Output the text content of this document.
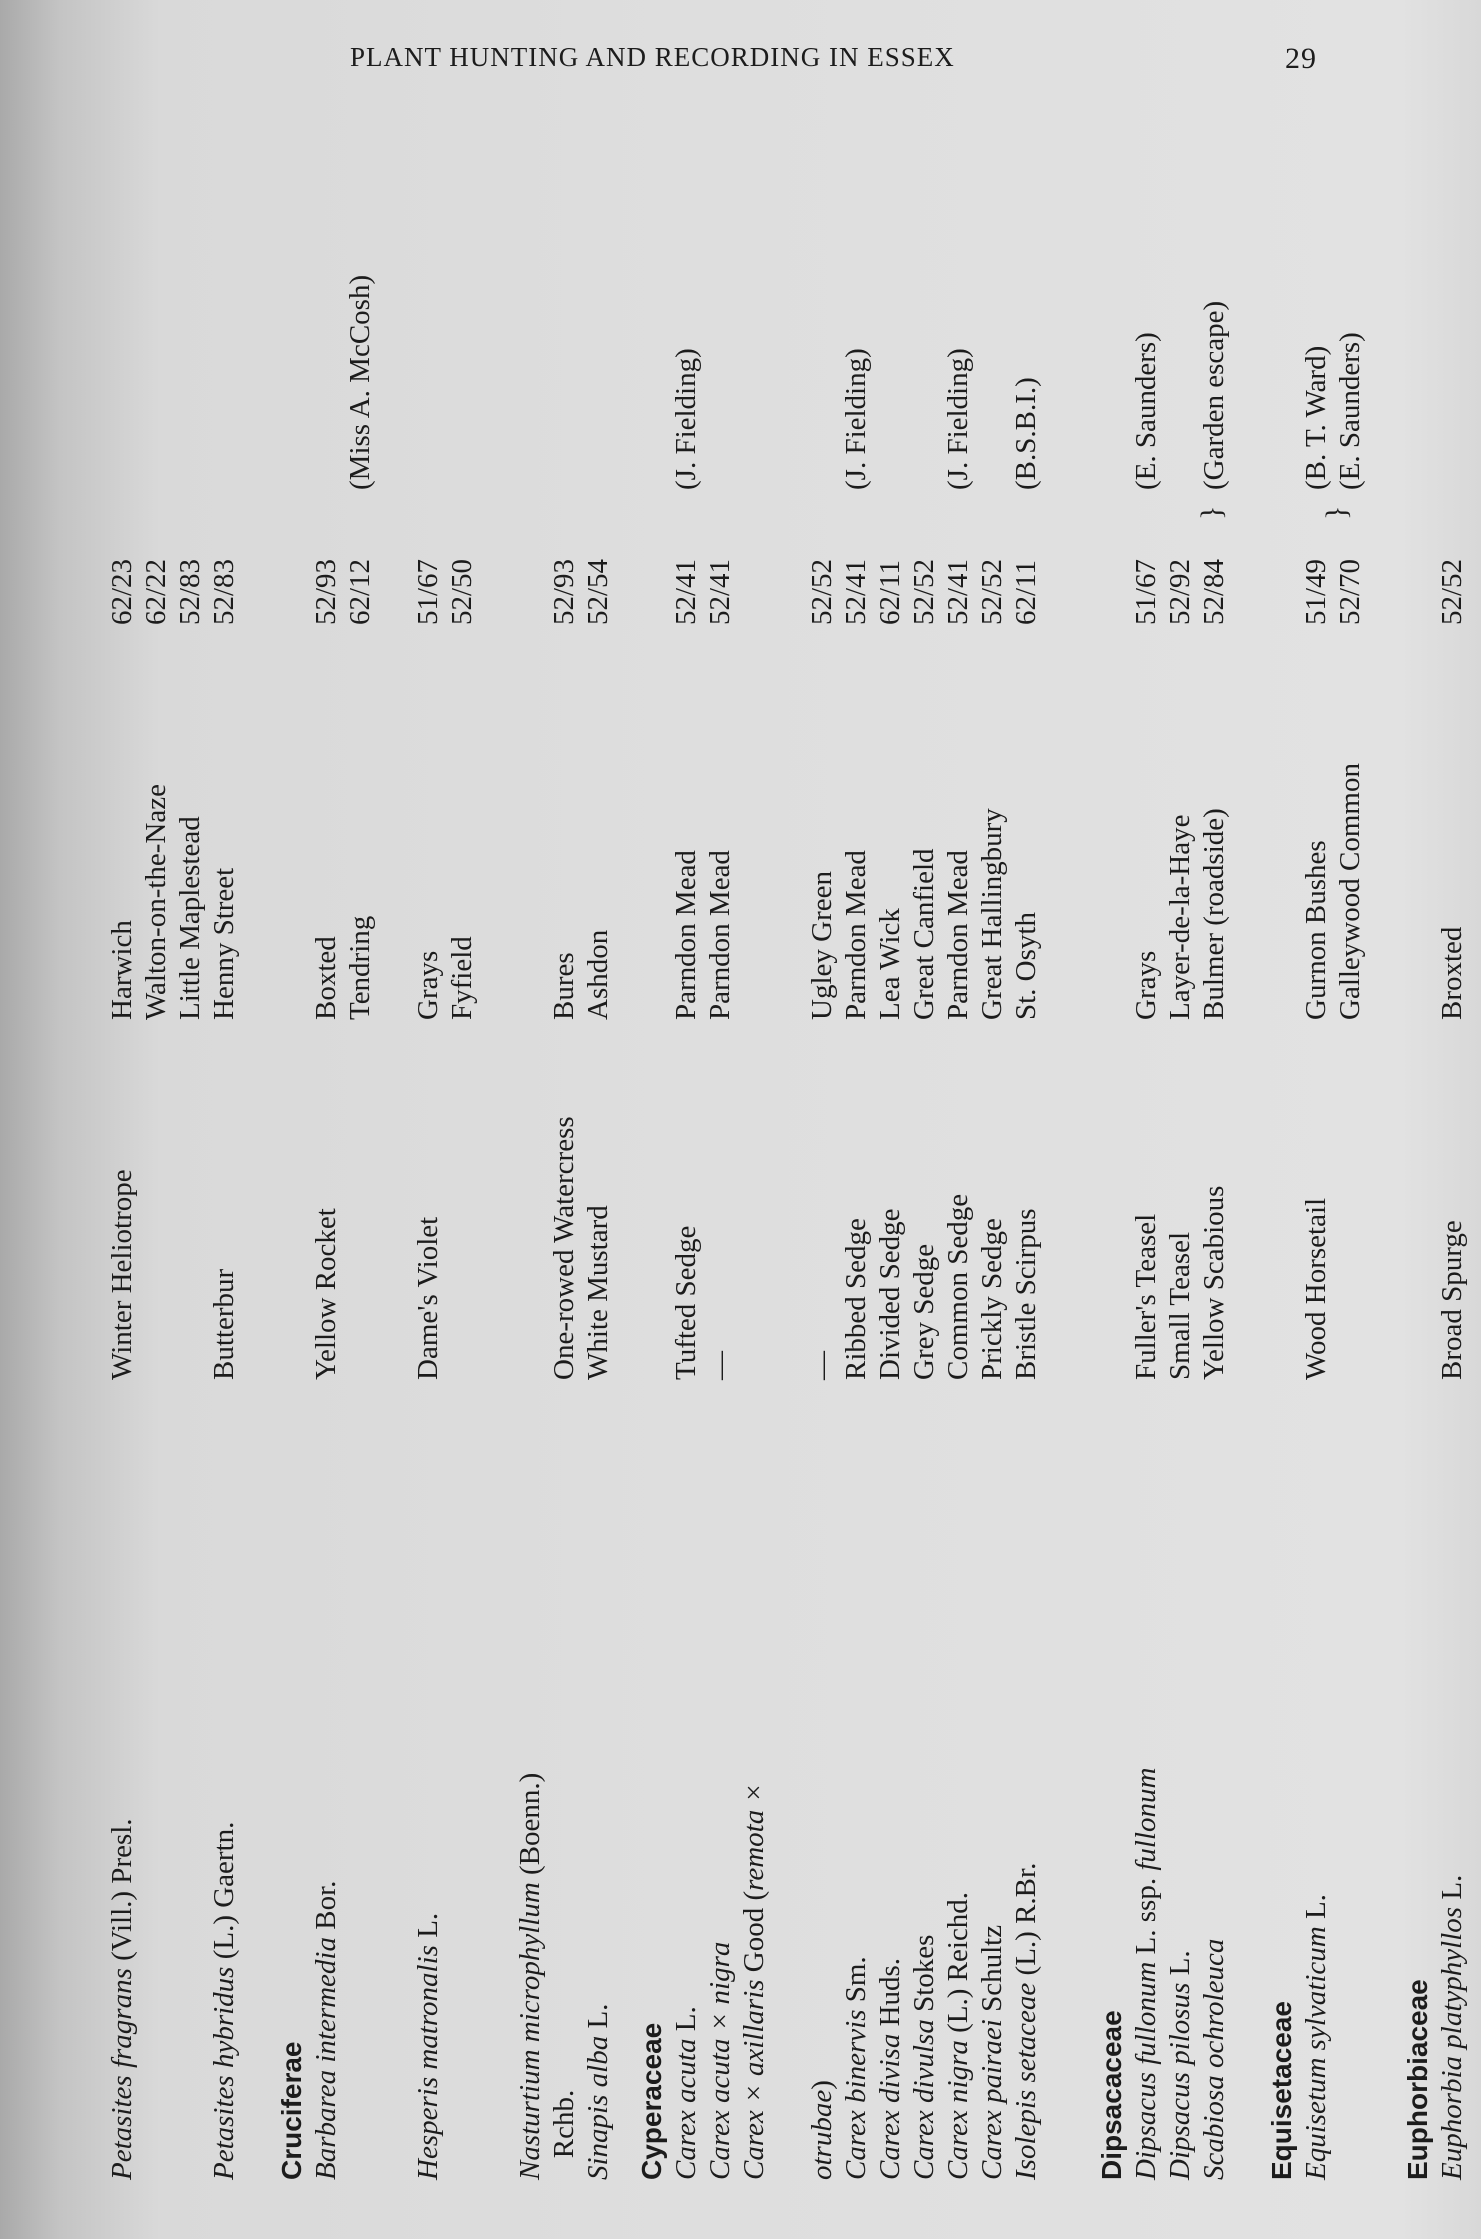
PLANT HUNTING AND RECORDING IN ESSEX	29
}	}
Petasites fragrans (Vill.) Presl.
Winter Heliotrope
Harwich
62/23
Walton-on-the-Naze
62/22
Little Maplestead
52/83
Petasites hybridus (L.) Gaertn.
Butterbur
Henny Street
52/83
Cruciferae Barbarea intermedia Bor.
Yellow Rocket
Boxted
52/93
Tendring
62/12
(Miss A. McCosh)
Hesperis matronalis L.
Dame's Violet
Grays
51/67
Fyfield
52/50
Nasturtium microphyllum (Boenn.)
Rchb.
One-rowed Watercress
Bures
52/93
Sinapis alba L.
White Mustard
Ashdon
52/54
Cyperaceae Carex acuta L.
Tufted Sedge
Parndon Mead
52/41
(J. Fielding)
Carex acuta × nigra
—
Parndon Mead
52/41
Carex × axillaris Good (remota ×
otrubae)
—
Ugley Green
52/52
Carex binervis Sm.
Ribbed Sedge
Parndon Mead
52/41
(J. Fielding)
Carex divisa Huds.
Divided Sedge
Lea Wick
62/11
Carex divulsa Stokes
Grey Sedge
Great Canfield
52/52
Carex nigra (L.) Reichd.
Common Sedge
Parndon Mead
52/41
(J. Fielding)
Carex pairaei Schultz
Prickly Sedge
Great Hallingbury
52/52
Isolepis setaceae (L.) R.Br.
Bristle Scirpus
St. Osyth
62/11
(B.S.B.I.)
Dipsacaceae Dipsacus fullonum L. ssp. fullonum
Fuller's Teasel
Grays
51/67
(E. Saunders)
Dipsacus pilosus L.
Small Teasel
Layer-de-la-Haye
52/92
Scabiosa ochroleuca
Yellow Scabious
Bulmer (roadside)
52/84
(Garden escape)
Equisetaceae Equisetum sylvaticum L.
Wood Horsetail
Gurnon Bushes
51/49
(B. T. Ward)
Galleywood Common
52/70
(E. Saunders)
Euphorbiaceae Euphorbia platyphyllos L.
Broad Spurge
Broxted
52/52
